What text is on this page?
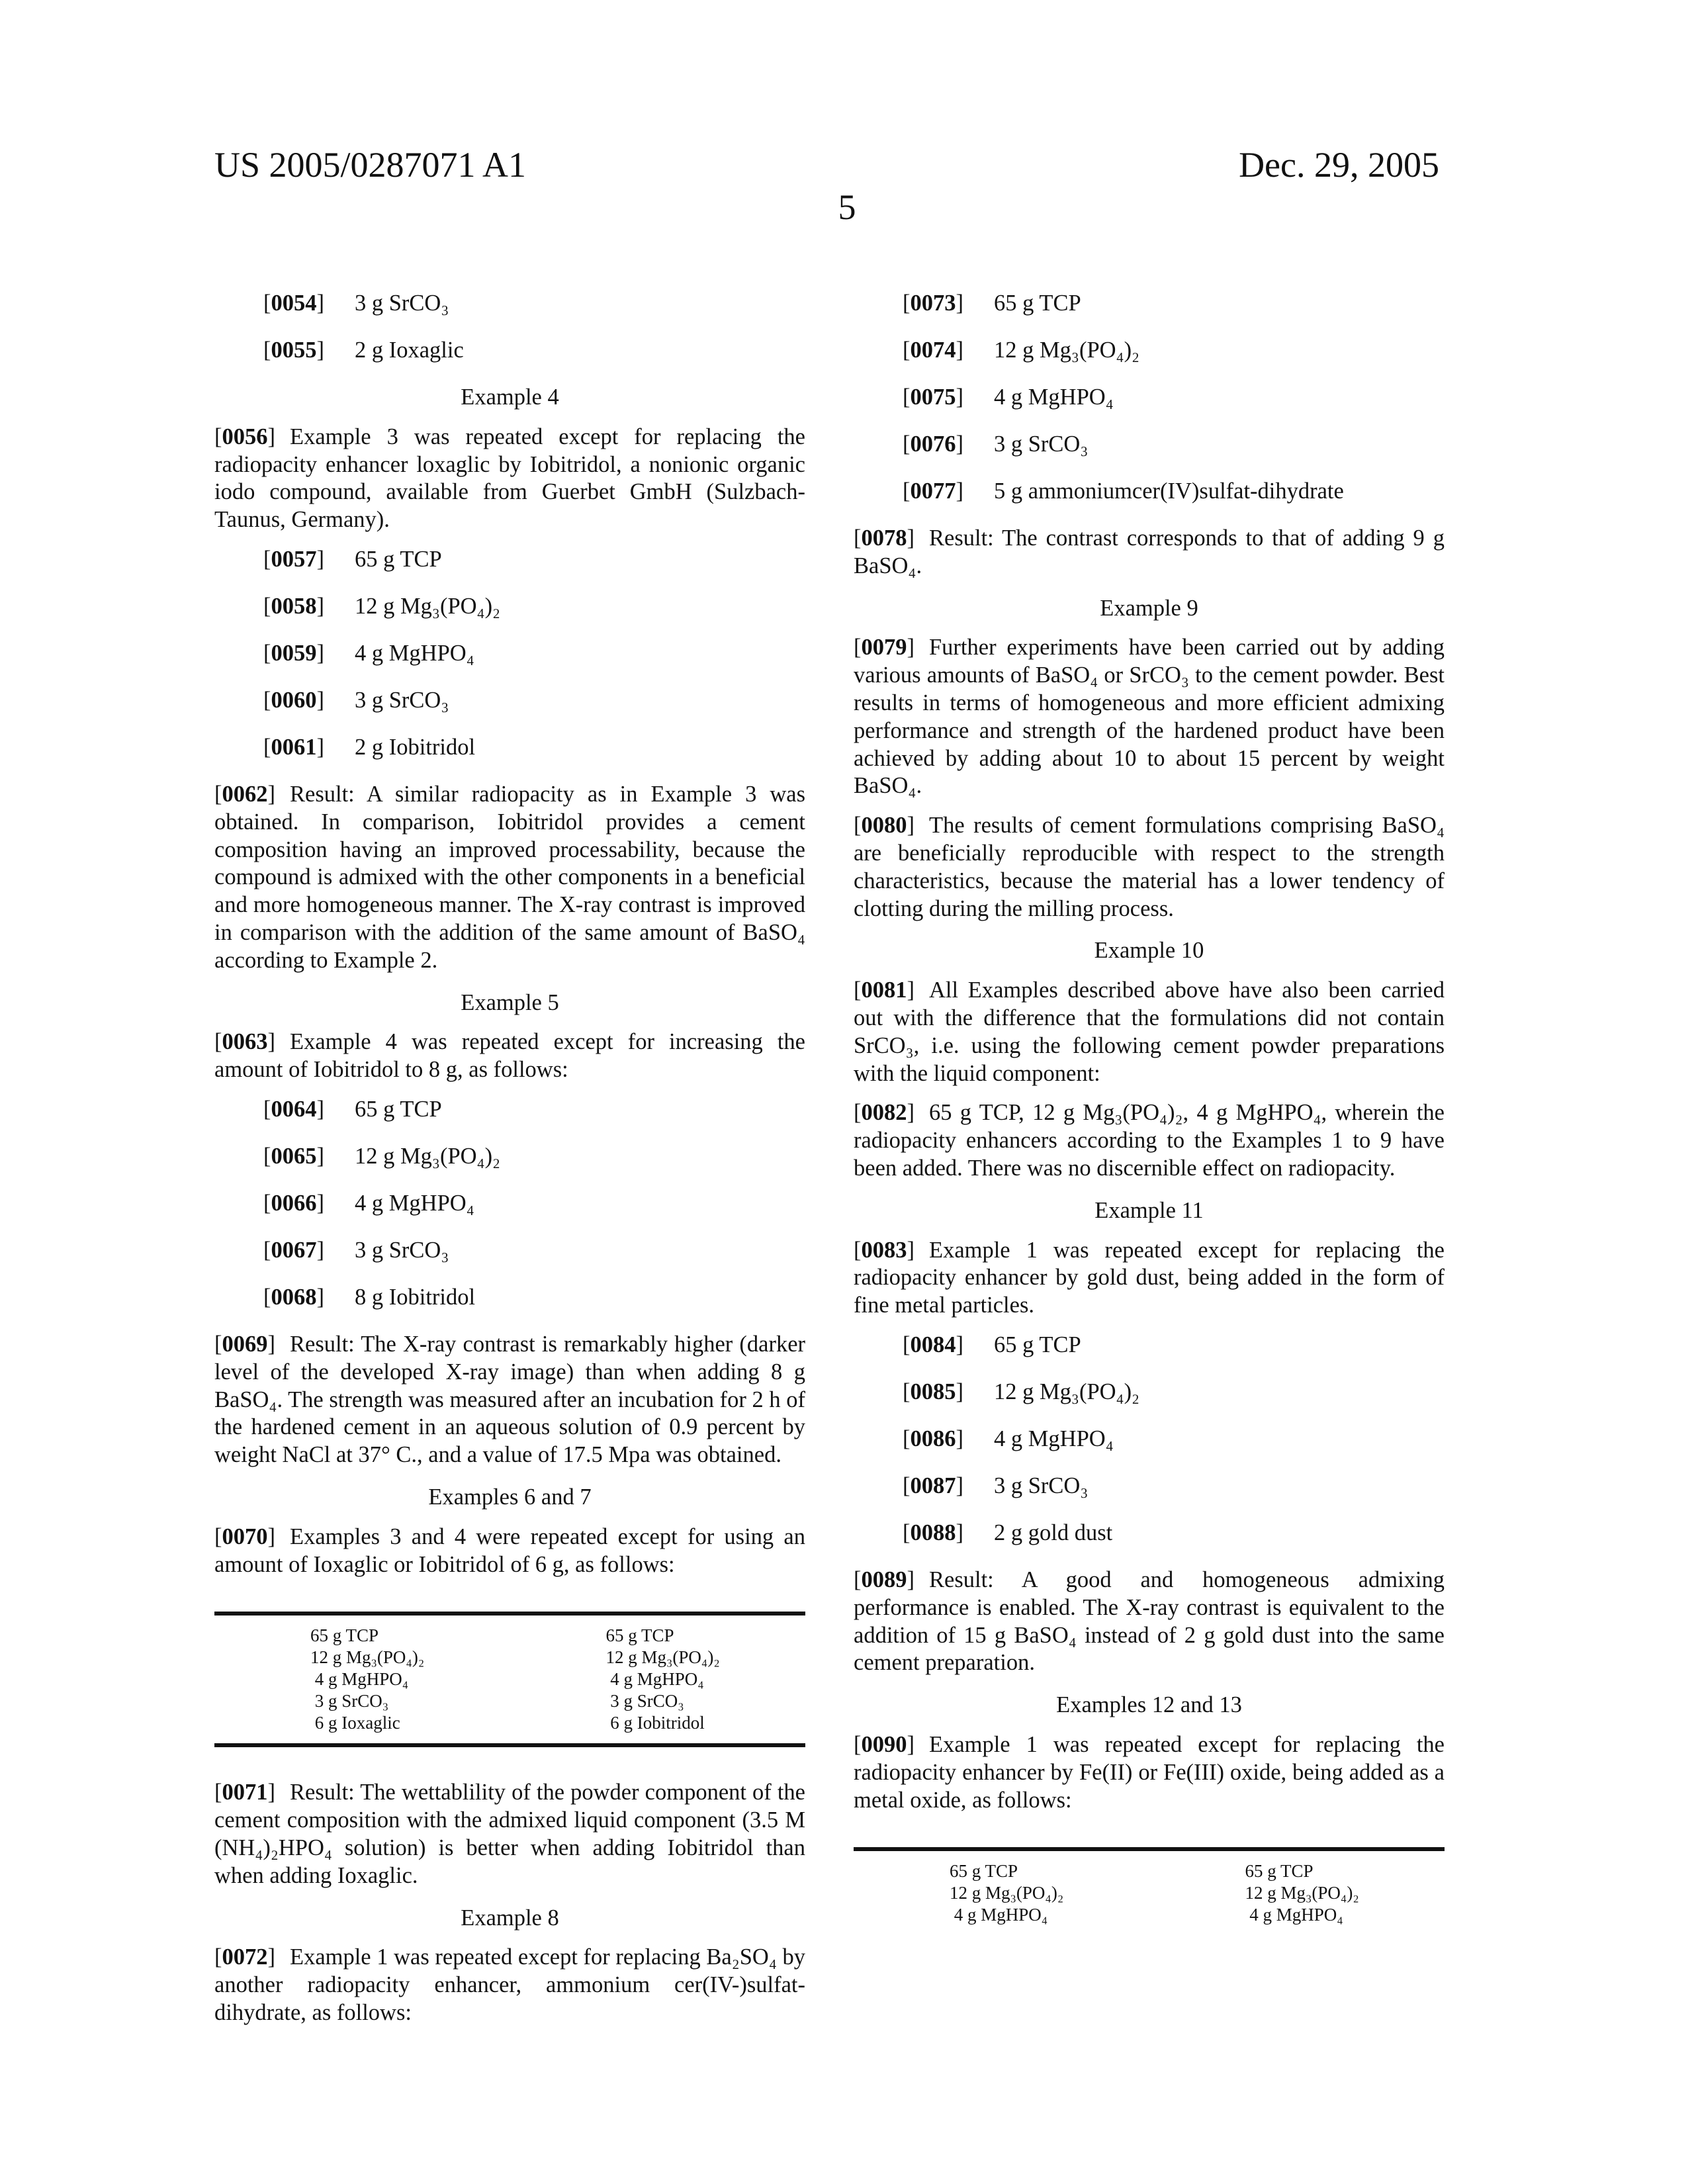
US 2005/0287071 A1
5
Dec. 29, 2005
[0054]	3 g SrCO₃
[0055]	2 g Ioxaglic
Example 4
[0056] Example 3 was repeated except for replacing the radiopacity enhancer loxaglic by Iobitridol, a nonionic organic iodo compound, available from Guerbet GmbH (Sulzbach-Taunus, Germany).
[0057]	65 g TCP
[0058]	12 g Mg₃(PO₄)₂
[0059]	4 g MgHPO₄
[0060]	3 g SrCO₃
[0061]	2 g Iobitridol
[0062] Result: A similar radiopacity as in Example 3 was obtained. In comparison, Iobitridol provides a cement composition having an improved processability, because the compound is admixed with the other components in a beneficial and more homogeneous manner. The X-ray contrast is improved in comparison with the addition of the same amount of BaSO₄ according to Example 2.
Example 5
[0063] Example 4 was repeated except for increasing the amount of Iobitridol to 8 g, as follows:
[0064]	65 g TCP
[0065]	12 g Mg₃(PO₄)₂
[0066]	4 g MgHPO₄
[0067]	3 g SrCO₃
[0068]	8 g Iobitridol
[0069] Result: The X-ray contrast is remarkably higher (darker level of the developed X-ray image) than when adding 8 g BaSO₄. The strength was measured after an incubation for 2 h of the hardened cement in an aqueous solution of 0.9 percent by weight NaCl at 37° C., and a value of 17.5 Mpa was obtained.
Examples 6 and 7
[0070] Examples 3 and 4 were repeated except for using an amount of Ioxaglic or Iobitridol of 6 g, as follows:
65 g TCP
12 g Mg₃(PO₄)₂
4 g MgHPO₄
3 g SrCO₃
6 g Ioxaglic
65 g TCP
12 g Mg₃(PO₄)₂
4 g MgHPO₄
3 g SrCO₃
6 g Iobitridol
[0071] Result: The wettablility of the powder component of the cement composition with the admixed liquid component (3.5 M (NH₄)₂HPO₄ solution) is better when adding Iobitridol than when adding Ioxaglic.
Example 8
[0072] Example 1 was repeated except for replacing Ba₂SO₄ by another radiopacity enhancer, ammonium cer(IV-)sulfat-dihydrate, as follows:
[0073]	65 g TCP
[0074]	12 g Mg₃(PO₄)₂
[0075]	4 g MgHPO₄
[0076]	3 g SrCO₃
[0077]	5 g ammoniumcer(IV)sulfat-dihydrate
[0078] Result: The contrast corresponds to that of adding 9 g BaSO₄.
Example 9
[0079] Further experiments have been carried out by adding various amounts of BaSO₄ or SrCO₃ to the cement powder. Best results in terms of homogeneous and more efficient admixing performance and strength of the hardened product have been achieved by adding about 10 to about 15 percent by weight BaSO₄.
[0080] The results of cement formulations comprising BaSO₄ are beneficially reproducible with respect to the strength characteristics, because the material has a lower tendency of clotting during the milling process.
Example 10
[0081] All Examples described above have also been carried out with the difference that the formulations did not contain SrCO₃, i.e. using the following cement powder preparations with the liquid component:
[0082] 65 g TCP, 12 g Mg₃(PO₄)₂, 4 g MgHPO₄, wherein the radiopacity enhancers according to the Examples 1 to 9 have been added. There was no discernible effect on radiopacity.
Example 11
[0083] Example 1 was repeated except for replacing the radiopacity enhancer by gold dust, being added in the form of fine metal particles.
[0084]	65 g TCP
[0085]	12 g Mg₃(PO₄)₂
[0086]	4 g MgHPO₄
[0087]	3 g SrCO₃
[0088]	2 g gold dust
[0089] Result: A good and homogeneous admixing performance is enabled. The X-ray contrast is equivalent to the addition of 15 g BaSO₄ instead of 2 g gold dust into the same cement preparation.
Examples 12 and 13
[0090] Example 1 was repeated except for replacing the radiopacity enhancer by Fe(II) or Fe(III) oxide, being added as a metal oxide, as follows:
65 g TCP
12 g Mg₃(PO₄)₂
4 g MgHPO₄
65 g TCP
12 g Mg₃(PO₄)₂
4 g MgHPO₄
